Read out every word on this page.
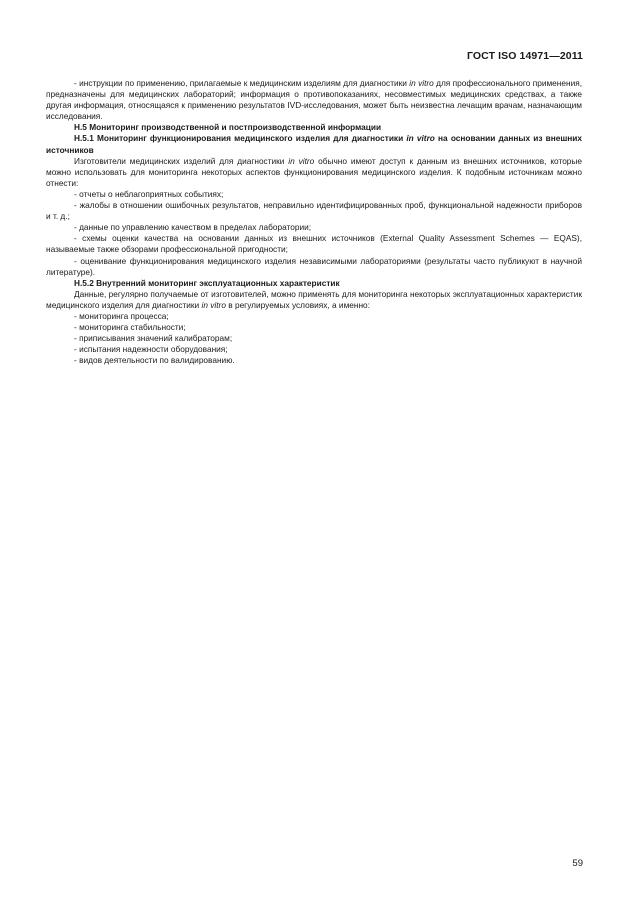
ГОСТ ISO 14971—2011

- инструкции по применению, прилагаемые к медицинским изделиям для диагностики in vitro для профессионального применения, предназначены для медицинских лабораторий; информация о противопоказаниях, несовместимых медицинских средствах, а также другая информация, относящаяся к применению результатов IVD-исследования, может быть неизвестна лечащим врачам, назначающим исследования.

H.5 Мониторинг производственной и постпроизводственной информации

H.5.1 Мониторинг функционирования медицинского изделия для диагностики in vitro на основании данных из внешних источников

Изготовители медицинских изделий для диагностики in vitro обычно имеют доступ к данным из внешних источников, которые можно использовать для мониторинга некоторых аспектов функционирования медицинского изделия. К подобным источникам можно отнести:

- отчеты о неблагоприятных событиях;

- жалобы в отношении ошибочных результатов, неправильно идентифицированных проб, функциональной надежности приборов и т. д.;

- данные по управлению качеством в пределах лаборатории;

- схемы оценки качества на основании данных из внешних источников (External Quality Assessment Schemes — EQAS), называемые также обзорами профессиональной пригодности;

- оценивание функционирования медицинского изделия независимыми лабораториями (результаты часто публикуют в научной литературе).

H.5.2 Внутренний мониторинг эксплуатационных характеристик

Данные, регулярно получаемые от изготовителей, можно применять для мониторинга некоторых эксплуатационных характеристик медицинского изделия для диагностики in vitro в регулируемых условиях, а именно:

- мониторинга процесса;

- мониторинга стабильности;

- приписывания значений калибраторам;

- испытания надежности оборудования;

- видов деятельности по валидированию.

59
